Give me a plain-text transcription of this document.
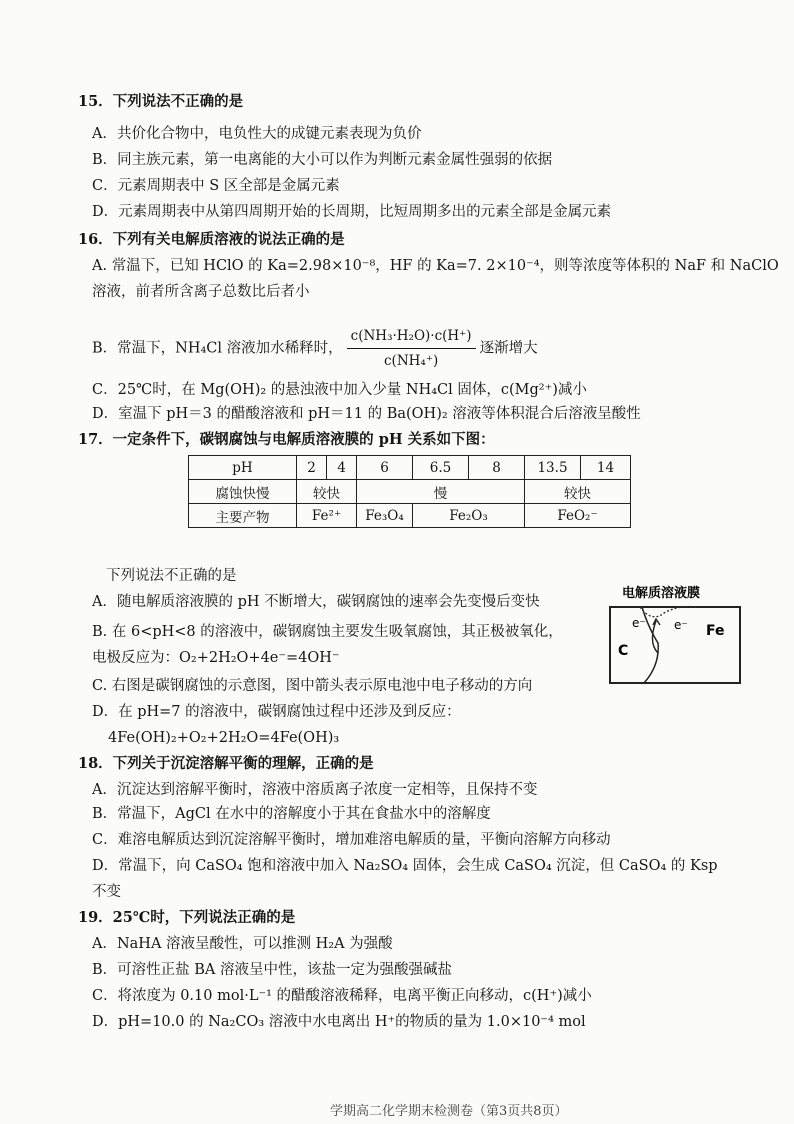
15．下列说法不正确的是
A．共价化合物中，电负性大的成键元素表现为负价
B．同主族元素，第一电离能的大小可以作为判断元素金属性强弱的依据
C．元素周期表中 S 区全部是金属元素
D．元素周期表中从第四周期开始的长周期，比短周期多出的元素全部是金属元素
16．下列有关电解质溶液的说法正确的是
A. 常温下，已知 HClO 的 Ka=2.98×10⁻⁸，HF 的 Ka=7. 2×10⁻⁴，则等浓度等体积的 NaF 和 NaClO
溶液，前者所含离子总数比后者小
B．常温下，NH₄Cl 溶液加水稀释时， $\frac{\text{c(NH₃·H₂O)·c(H⁺)}}{\text{c(NH₄⁺)}}$ 逐渐增大
C．25℃时，在 Mg(OH)₂ 的悬浊液中加入少量 NH₄Cl 固体，c(Mg²⁺)减小
D．室温下 pH＝3 的醋酸溶液和 pH＝11 的 Ba(OH)₂ 溶液等体积混合后溶液呈酸性
17．一定条件下，碳钢腐蚀与电解质溶液膜的 pH 关系如下图：
pH	2	4	6	6.5	8	13.5	14
腐蚀快慢	较快		慢			较快	
主要产物	Fe²⁺		Fe₃O₄	Fe₂O₃		FeO₂⁻	
下列说法不正确的是
A．随电解质溶液膜的 pH 不断增大，碳钢腐蚀的速率会先变慢后变快
B. 在 6<pH<8 的溶液中，碳钢腐蚀主要发生吸氧腐蚀，其正极被氧化，
电极反应为：O₂+2H₂O+4e⁻=4OH⁻
C. 右图是碳钢腐蚀的示意图，图中箭头表示原电池中电子移动的方向
D．在 pH=7 的溶液中，碳钢腐蚀过程中还涉及到反应：
4Fe(OH)₂+O₂+2H₂O=4Fe(OH)₃
电解质溶液膜
C
Fe
e⁻ e⁻
18．下列关于沉淀溶解平衡的理解，正确的是
A．沉淀达到溶解平衡时，溶液中溶质离子浓度一定相等，且保持不变
B．常温下，AgCl 在水中的溶解度小于其在食盐水中的溶解度
C．难溶电解质达到沉淀溶解平衡时，增加难溶电解质的量，平衡向溶解方向移动
D．常温下，向 CaSO₄ 饱和溶液中加入 Na₂SO₄ 固体，会生成 CaSO₄ 沉淀，但 CaSO₄ 的 Ksp
不变
19．25℃时，下列说法正确的是
A．NaHA 溶液呈酸性，可以推测 H₂A 为强酸
B．可溶性正盐 BA 溶液呈中性，该盐一定为强酸强碱盐
C．将浓度为 0.10 mol·L⁻¹ 的醋酸溶液稀释，电离平衡正向移动，c(H⁺)减小
D．pH=10.0 的 Na₂CO₃ 溶液中水电离出 H⁺的物质的量为 1.0×10⁻⁴ mol
学期高二化学期末检测卷（第3页共8页）
